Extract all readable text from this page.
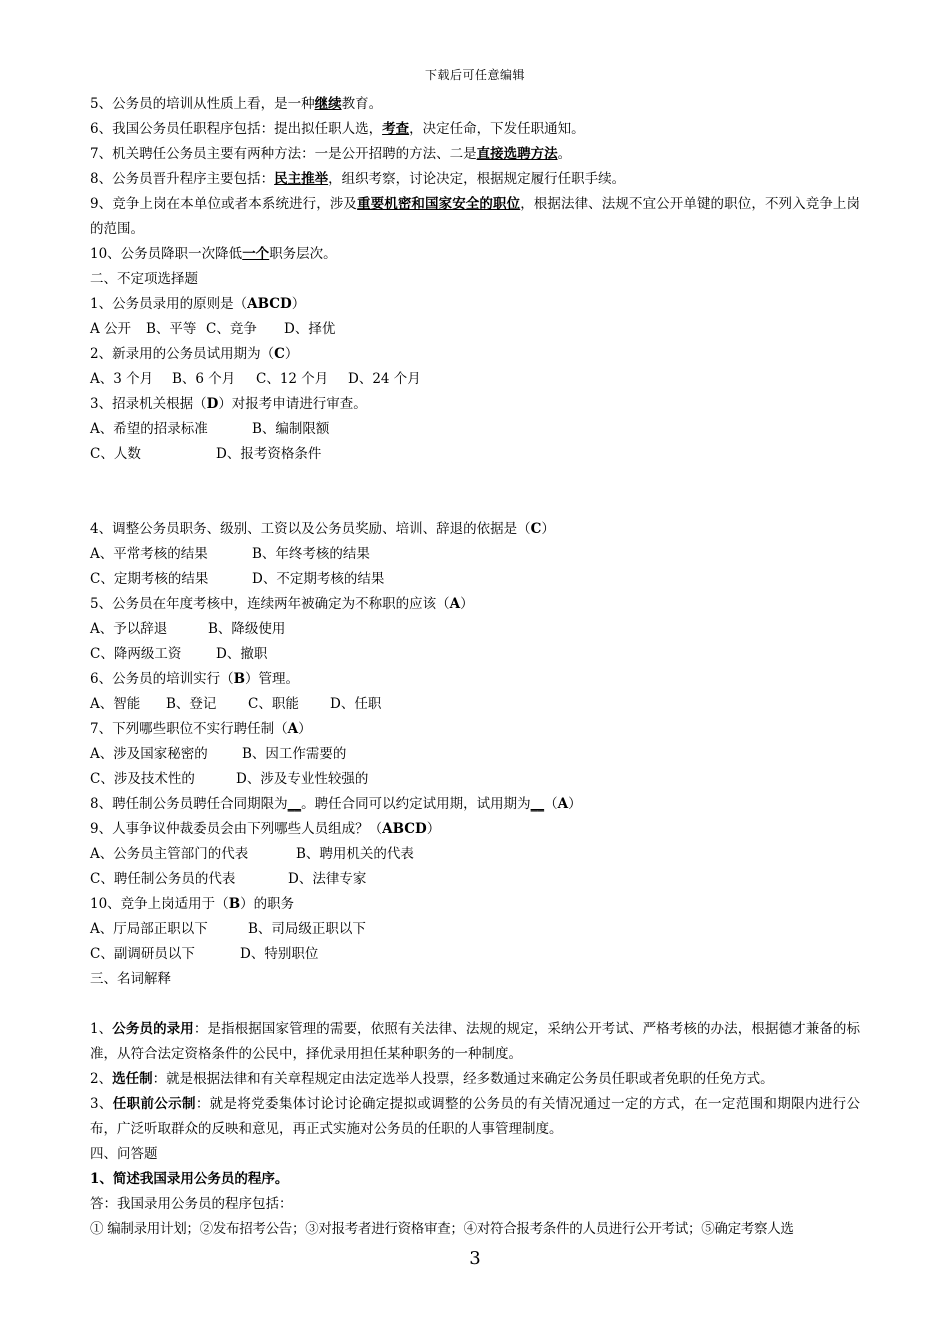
下载后可任意编辑
5、公务员的培训从性质上看，是一种继续教育。
6、我国公务员任职程序包括：提出拟任职人选，考查，决定任命，下发任职通知。
7、机关聘任公务员主要有两种方法：一是公开招聘的方法、二是直接选聘方法。
8、公务员晋升程序主要包括：民主推举，组织考察，讨论决定，根据规定履行任职手续。
9、竞争上岗在本单位或者本系统进行，涉及重要机密和国家安全的职位，根据法律、法规不宜公开单键的职位，不列入竞争上岗的范围。
10、公务员降职一次降低一个职务层次。
二、不定项选择题
1、公务员录用的原则是（ABCD）
A 公开	B、平等 C、竞争	D、择优
2、新录用的公务员试用期为（C）
A、3 个月	B、6 个月	C、12 个月	D、24 个月
3、招录机关根据（D）对报考申请进行审查。
A、希望的招录标准	B、编制限额
C、人数	D、报考资格条件
4、调整公务员职务、级别、工资以及公务员奖励、培训、辞退的依据是（C）
A、平常考核的结果	B、年终考核的结果
C、定期考核的结果	D、不定期考核的结果
5、公务员在年度考核中，连续两年被确定为不称职的应该（A）
A、予以辞退	B、降级使用
C、降两级工资	D、撤职
6、公务员的培训实行（B）管理。
A、智能	B、登记	C、职能	D、任职
7、下列哪些职位不实行聘任制（A）
A、涉及国家秘密的	B、因工作需要的
C、涉及技术性的	D、涉及专业性较强的
8、聘任制公务员聘任合同期限为__。聘任合同可以约定试用期，试用期为__（A）
9、人事争议仲裁委员会由下列哪些人员组成？（ABCD）
A、公务员主管部门的代表	B、聘用机关的代表
C、聘任制公务员的代表	D、法律专家
10、竞争上岗适用于（B）的职务
A、厅局部正职以下	B、司局级正职以下
C、副调研员以下	D、特别职位
三、名词解释
1、公务员的录用：是指根据国家管理的需要，依照有关法律、法规的规定，采纳公开考试、严格考核的办法，根据德才兼备的标准，从符合法定资格条件的公民中，择优录用担任某种职务的一种制度。
2、选任制：就是根据法律和有关章程规定由法定选举人投票，经多数通过来确定公务员任职或者免职的任免方式。
3、任职前公示制：就是将党委集体讨论讨论确定提拟或调整的公务员的有关情况通过一定的方式，在一定范围和期限内进行公布，广泛听取群众的反映和意见，再正式实施对公务员的任职的人事管理制度。
四、问答题
1、简述我国录用公务员的程序。
答：我国录用公务员的程序包括：
① 编制录用计划；②发布招考公告；③对报考者进行资格审查；④对符合报考条件的人员进行公开考试；⑤确定考察人选
3
